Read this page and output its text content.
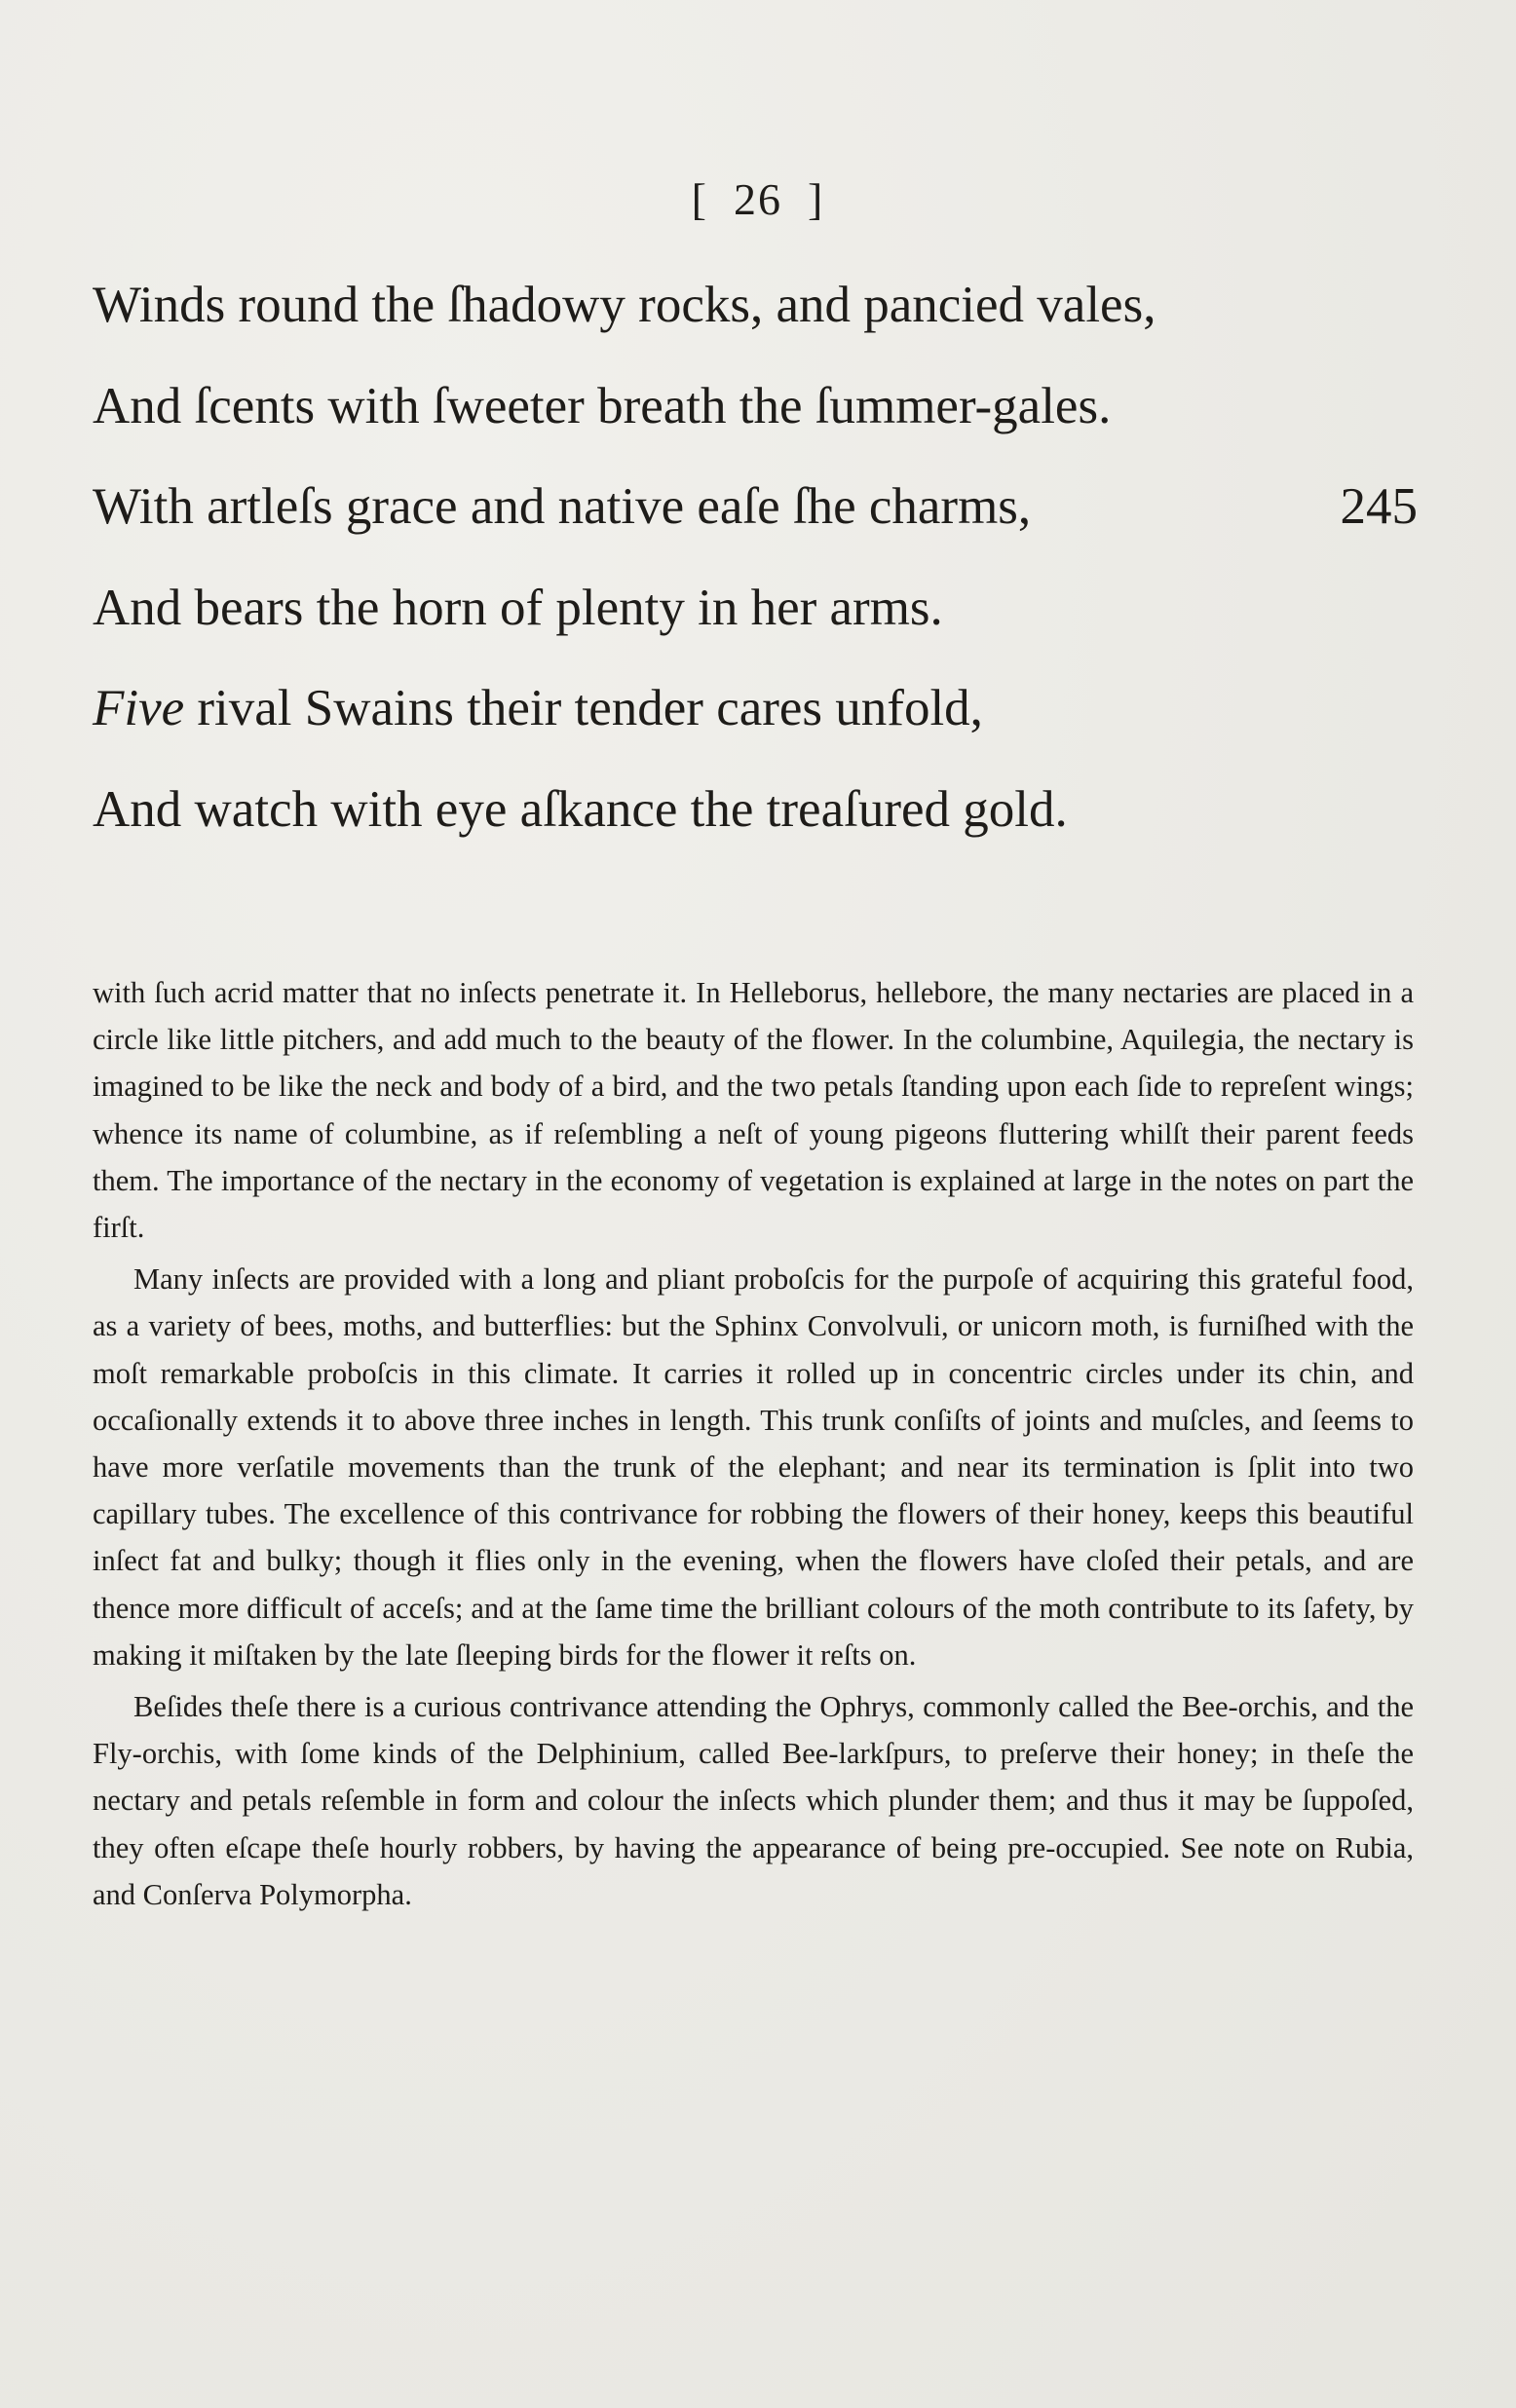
[ 26 ]
Winds round the ſhadowy rocks, and pancied vales,
And ſcents with ſweeter breath the ſummer-gales.
With artleſs grace and native eaſe ſhe charms,	245
And bears the horn of plenty in her arms.
Five rival Swains their tender cares unfold,
And watch with eye aſkance the treaſured gold.

with ſuch acrid matter that no inſects penetrate it. In Helleborus, hellebore, the many nectaries are placed in a circle like little pitchers, and add much to the beauty of the flower. In the columbine, Aquilegia, the nectary is imagined to be like the neck and body of a bird, and the two petals ſtanding upon each ſide to repreſent wings; whence its name of columbine, as if reſembling a neſt of young pigeons fluttering whilſt their parent feeds them. The importance of the nectary in the economy of vegetation is explained at large in the notes on part the firſt.

Many inſects are provided with a long and pliant proboſcis for the purpoſe of acquiring this grateful food, as a variety of bees, moths, and butterflies: but the Sphinx Convolvuli, or unicorn moth, is furniſhed with the moſt remarkable proboſcis in this climate. It carries it rolled up in concentric circles under its chin, and occaſionally extends it to above three inches in length. This trunk conſiſts of joints and muſcles, and ſeems to have more verſatile movements than the trunk of the elephant; and near its termination is ſplit into two capillary tubes. The excellence of this contrivance for robbing the flowers of their honey, keeps this beautiful inſect fat and bulky; though it flies only in the evening, when the flowers have cloſed their petals, and are thence more difficult of acceſs; and at the ſame time the brilliant colours of the moth contribute to its ſafety, by making it miſtaken by the late ſleeping birds for the flower it reſts on.

Beſides theſe there is a curious contrivance attending the Ophrys, commonly called the Bee-orchis, and the Fly-orchis, with ſome kinds of the Delphinium, called Bee-larkſpurs, to preſerve their honey; in theſe the nectary and petals reſemble in form and colour the inſects which plunder them; and thus it may be ſuppoſed, they often eſcape theſe hourly robbers, by having the appearance of being pre-occupied. See note on Rubia, and Conſerva Polymorpha.
